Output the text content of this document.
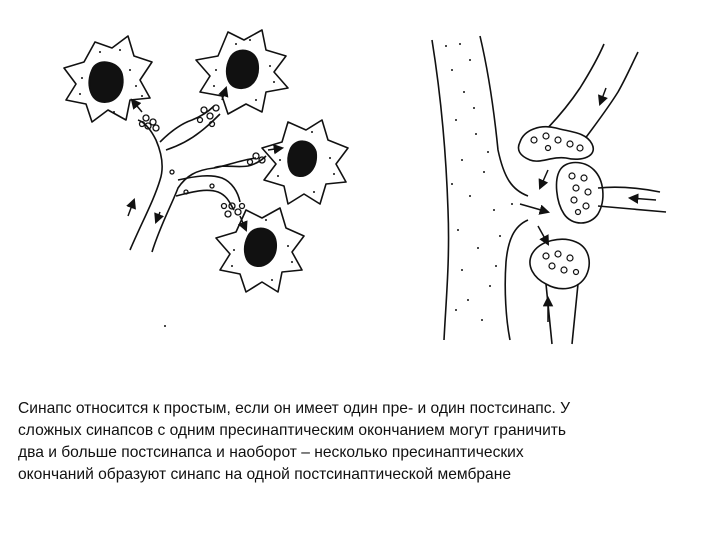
Синапс относится к простым, если он имеет один пре- и один постсинапс. У
сложных синапсов с одним пресинаптическим окончанием могут граничить
два и больше постсинапса и наоборот – несколько пресинаптических
окончаний образуют синапс на одной постсинаптической мембране
